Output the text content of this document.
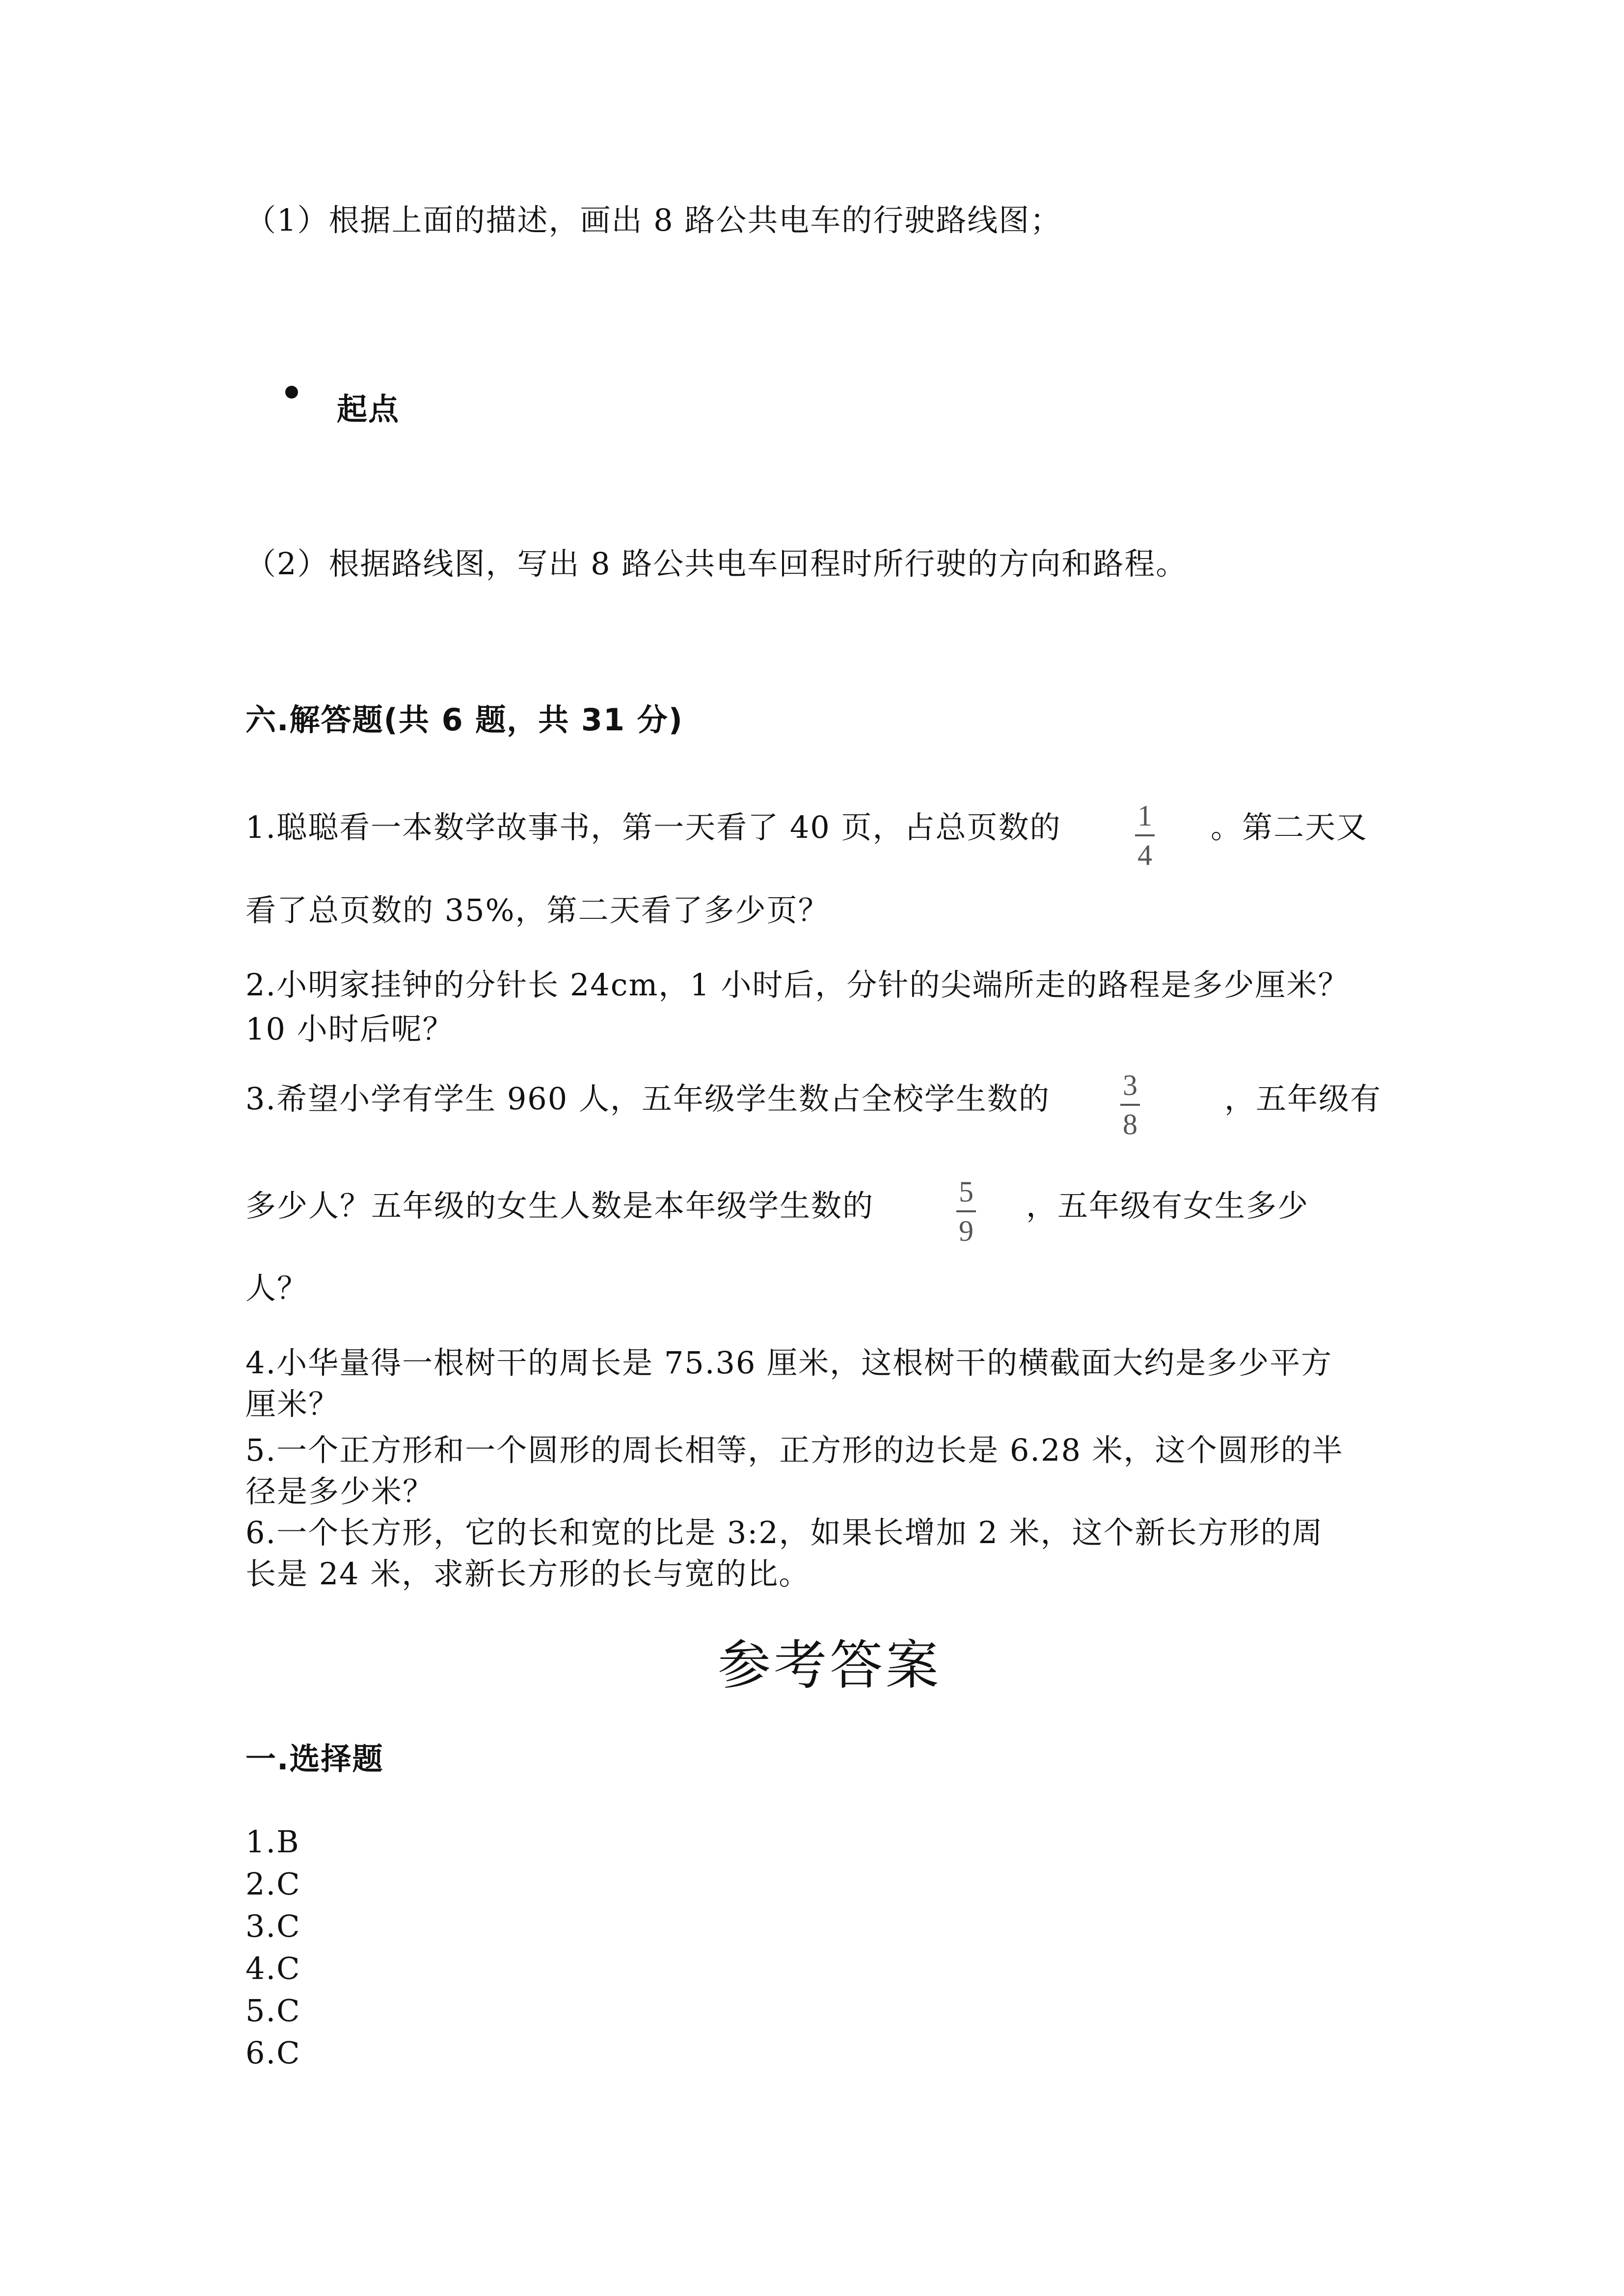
（1）根据上面的描述，画出 8 路公共电车的行驶路线图；
起点
（2）根据路线图，写出 8 路公共电车回程时所行驶的方向和路程。
六.解答题(共 6 题，共 31 分)
1.聪聪看一本数学故事书，第一天看了 40 页，占总页数的	1
4
。第二天又
看了总页数的 35%，第二天看了多少页？
2.小明家挂钟的分针长 24cm，1 小时后，分针的尖端所走的路程是多少厘米？
10 小时后呢？
3.希望小学有学生 960 人，五年级学生数占全校学生数的 3
8
，五年级有
多少人？五年级的女生人数是本年级学生数的	5
9
，五年级有女生多少
人？
4.小华量得一根树干的周长是 75.36 厘米，这根树干的横截面大约是多少平方
厘米？
5.一个正方形和一个圆形的周长相等，正方形的边长是 6.28 米，这个圆形的半
径是多少米？
6.一个长方形，它的长和宽的比是 3:2，如果长增加 2 米，这个新长方形的周
长是 24 米，求新长方形的长与宽的比。
参考答案
一.选择题
1.B
2.C
3.C
4.C
5.C
6.C
